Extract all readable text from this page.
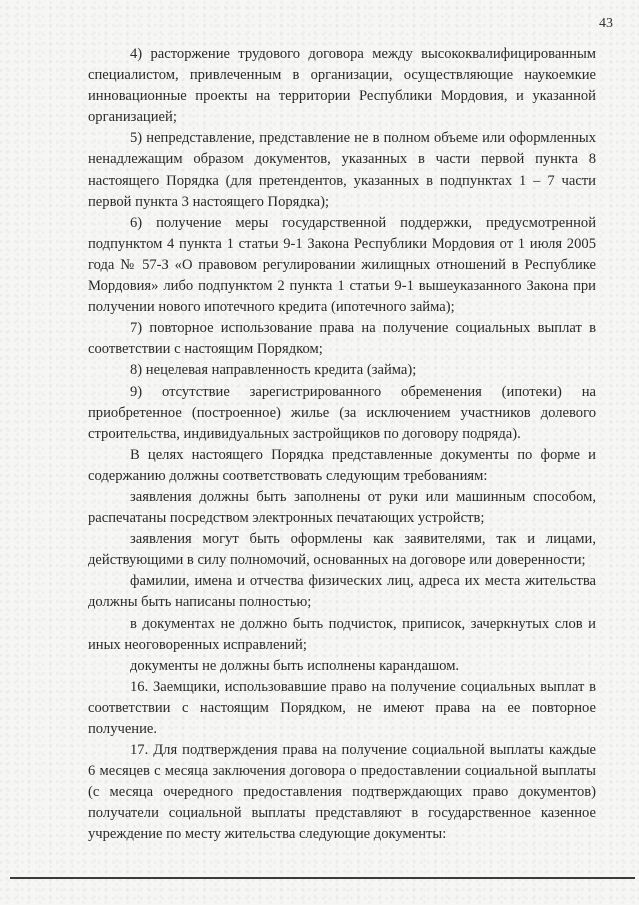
43

4) расторжение трудового договора между высококвалифицированным специалистом, привлеченным в организации, осуществляющие наукоемкие инновационные проекты на территории Республики Мордовия, и указанной организацией;

5) непредставление, представление не в полном объеме или оформленных ненадлежащим образом документов, указанных в части первой пункта 8 настоящего Порядка (для претендентов, указанных в подпунктах 1 – 7 части первой пункта 3 настоящего Порядка);

6) получение меры государственной поддержки, предусмотренной подпунктом 4 пункта 1 статьи 9-1 Закона Республики Мордовия от 1 июля 2005 года № 57-З «О правовом регулировании жилищных отношений в Республике Мордовия» либо подпунктом 2 пункта 1 статьи 9-1 вышеуказанного Закона при получении нового ипотечного кредита (ипотечного займа);

7) повторное использование права на получение социальных выплат в соответствии с настоящим Порядком;

8) нецелевая направленность кредита (займа);

9) отсутствие зарегистрированного обременения (ипотеки) на приобретенное (построенное) жилье (за исключением участников долевого строительства, индивидуальных застройщиков по договору подряда).

В целях настоящего Порядка представленные документы по форме и содержанию должны соответствовать следующим требованиям:

заявления должны быть заполнены от руки или машинным способом, распечатаны посредством электронных печатающих устройств;

заявления могут быть оформлены как заявителями, так и лицами, действующими в силу полномочий, основанных на договоре или доверенности;

фамилии, имена и отчества физических лиц, адреса их места жительства должны быть написаны полностью;

в документах не должно быть подчисток, приписок, зачеркнутых слов и иных неоговоренных исправлений;

документы не должны быть исполнены карандашом.

16. Заемщики, использовавшие право на получение социальных выплат в соответствии с настоящим Порядком, не имеют права на ее повторное получение.

17. Для подтверждения права на получение социальной выплаты каждые 6 месяцев с месяца заключения договора о предоставлении социальной выплаты (с месяца очередного предоставления подтверждающих право документов) получатели социальной выплаты представляют в государственное казенное учреждение по месту жительства следующие документы:
